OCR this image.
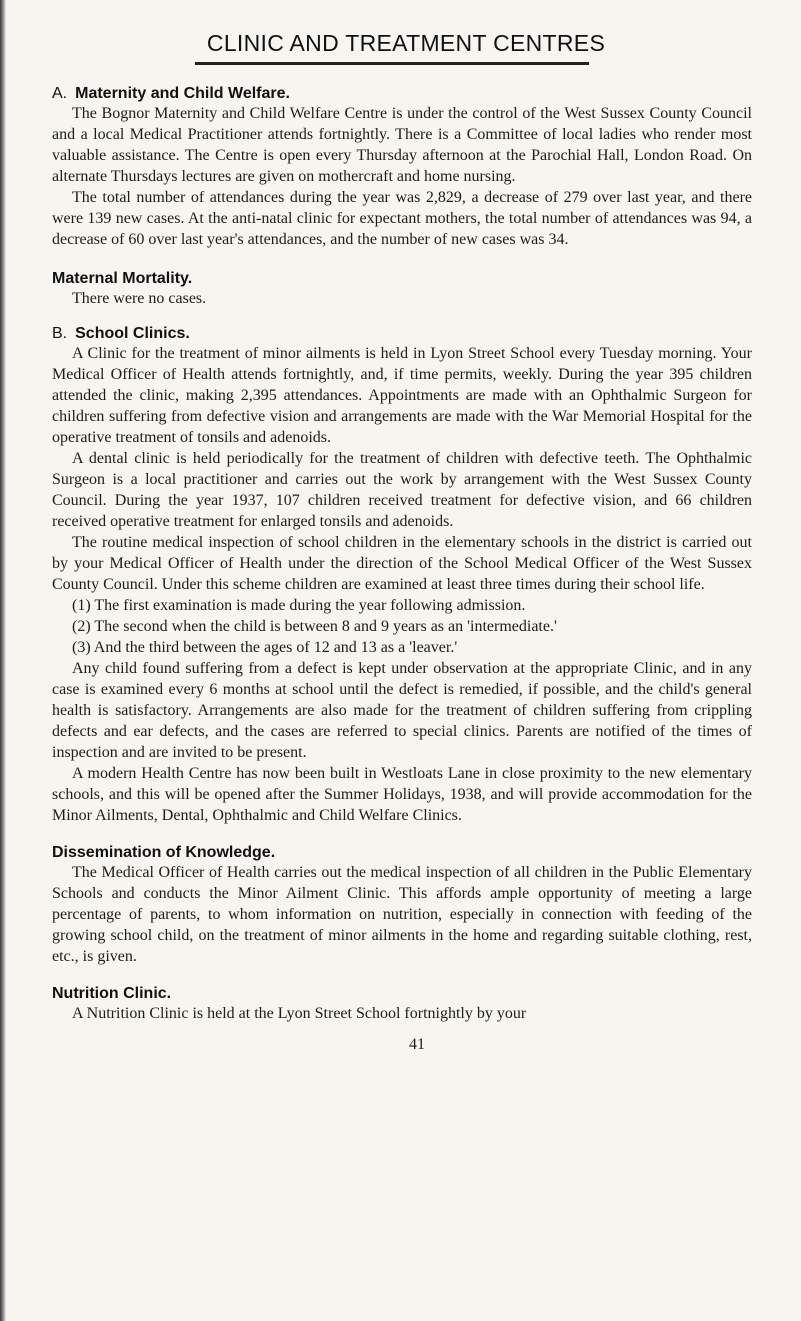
CLINIC AND TREATMENT CENTRES
A. Maternity and Child Welfare.

The Bognor Maternity and Child Welfare Centre is under the control of the West Sussex County Council and a local Medical Practitioner attends fortnightly. There is a Committee of local ladies who render most valuable assistance. The Centre is open every Thursday afternoon at the Parochial Hall, London Road. On alternate Thursdays lectures are given on mothercraft and home nursing.

The total number of attendances during the year was 2,829, a decrease of 279 over last year, and there were 139 new cases. At the anti-natal clinic for expectant mothers, the total number of attendances was 94, a decrease of 60 over last year's attendances, and the number of new cases was 34.

Maternal Mortality.

There were no cases.

B. School Clinics.

A Clinic for the treatment of minor ailments is held in Lyon Street School every Tuesday morning. Your Medical Officer of Health attends fortnightly, and, if time permits, weekly. During the year 395 children attended the clinic, making 2,395 attendances. Appointments are made with an Ophthalmic Surgeon for children suffering from defective vision and arrangements are made with the War Memorial Hospital for the operative treatment of tonsils and adenoids.

A dental clinic is held periodically for the treatment of children with defective teeth. The Ophthalmic Surgeon is a local practitioner and carries out the work by arrangement with the West Sussex County Council. During the year 1937, 107 children received treatment for defective vision, and 66 children received operative treatment for enlarged tonsils and adenoids.

The routine medical inspection of school children in the elementary schools in the district is carried out by your Medical Officer of Health under the direction of the School Medical Officer of the West Sussex County Council. Under this scheme children are examined at least three times during their school life.

(1) The first examination is made during the year following admission.

(2) The second when the child is between 8 and 9 years as an 'intermediate.'

(3) And the third between the ages of 12 and 13 as a 'leaver.'

Any child found suffering from a defect is kept under observation at the appropriate Clinic, and in any case is examined every 6 months at school until the defect is remedied, if possible, and the child's general health is satisfactory. Arrangements are also made for the treatment of children suffering from crippling defects and ear defects, and the cases are referred to special clinics. Parents are notified of the times of inspection and are invited to be present.

A modern Health Centre has now been built in Westloats Lane in close proximity to the new elementary schools, and this will be opened after the Summer Holidays, 1938, and will provide accommodation for the Minor Ailments, Dental, Ophthalmic and Child Welfare Clinics.

Dissemination of Knowledge.

The Medical Officer of Health carries out the medical inspection of all children in the Public Elementary Schools and conducts the Minor Ailment Clinic. This affords ample opportunity of meeting a large percentage of parents, to whom information on nutrition, especially in connection with feeding of the growing school child, on the treatment of minor ailments in the home and regarding suitable clothing, rest, etc., is given.

Nutrition Clinic.

A Nutrition Clinic is held at the Lyon Street School fortnightly by your

41
